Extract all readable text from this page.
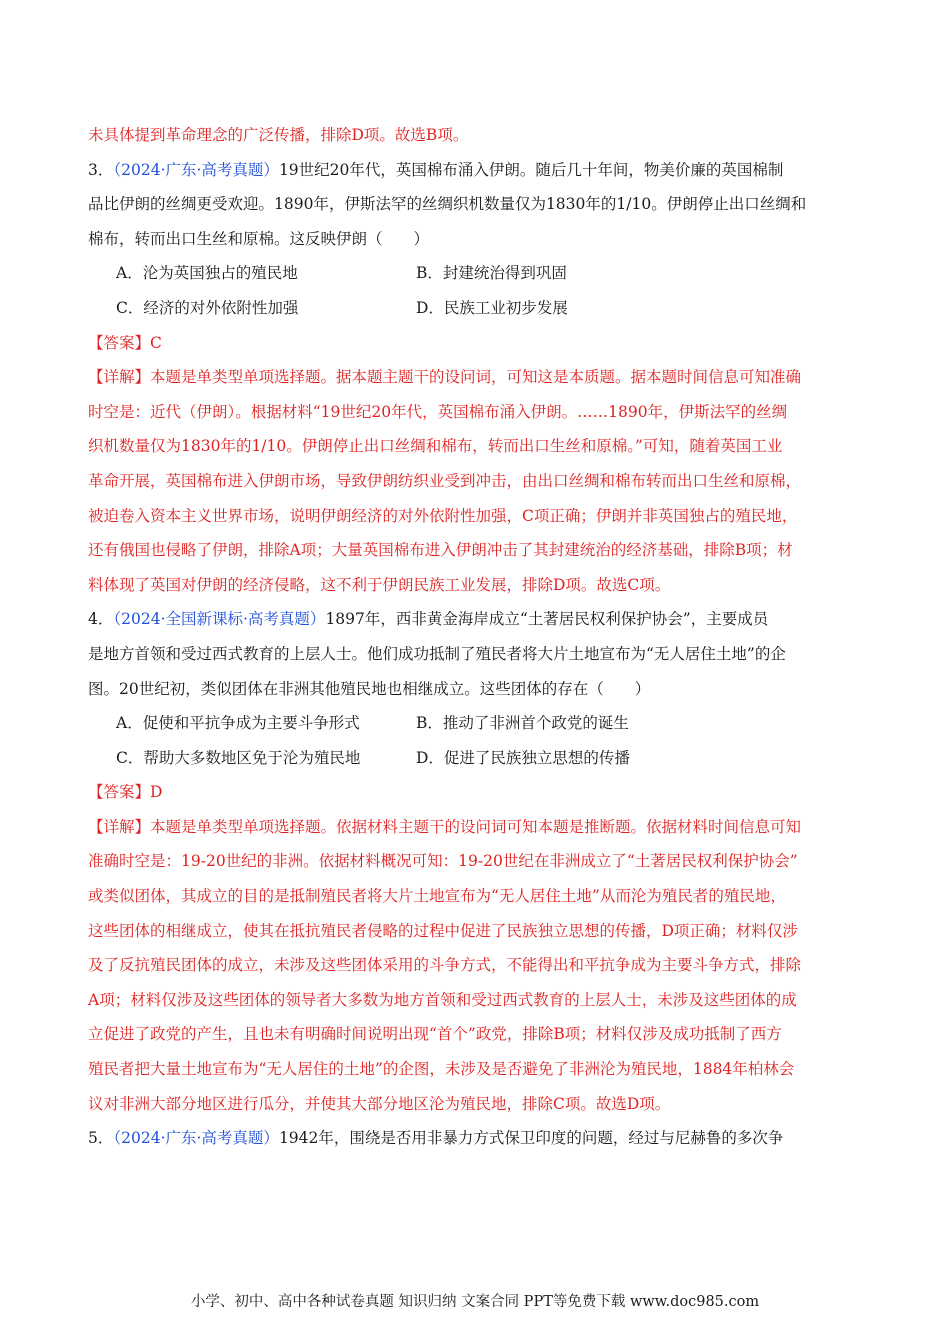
未具体提到革命理念的广泛传播，排除D项。故选B项。
3．（2024·广东·高考真题）19世纪20年代，英国棉布涌入伊朗。随后几十年间，物美价廉的英国棉制
品比伊朗的丝绸更受欢迎。1890年，伊斯法罕的丝绸织机数量仅为1830年的1/10。伊朗停止出口丝绸和
棉布，转而出口生丝和原棉。这反映伊朗（　　）
A．沦为英国独占的殖民地	B．封建统治得到巩固
C．经济的对外依附性加强	D．民族工业初步发展
【答案】C
【详解】本题是单类型单项选择题。据本题主题干的设问词，可知这是本质题。据本题时间信息可知准确
时空是：近代（伊朗）。根据材料“19世纪20年代，英国棉布涌入伊朗。……1890年，伊斯法罕的丝绸
织机数量仅为1830年的1/10。伊朗停止出口丝绸和棉布，转而出口生丝和原棉。”可知，随着英国工业
革命开展，英国棉布进入伊朗市场，导致伊朗纺织业受到冲击，由出口丝绸和棉布转而出口生丝和原棉，
被迫卷入资本主义世界市场，说明伊朗经济的对外依附性加强，C项正确；伊朗并非英国独占的殖民地，
还有俄国也侵略了伊朗，排除A项；大量英国棉布进入伊朗冲击了其封建统治的经济基础，排除B项；材
料体现了英国对伊朗的经济侵略，这不利于伊朗民族工业发展，排除D项。故选C项。
4．（2024·全国新课标·高考真题）1897年，西非黄金海岸成立“土著居民权利保护协会”，主要成员
是地方首领和受过西式教育的上层人士。他们成功抵制了殖民者将大片土地宣布为“无人居住土地”的企
图。20世纪初，类似团体在非洲其他殖民地也相继成立。这些团体的存在（　　）
A．促使和平抗争成为主要斗争形式	B．推动了非洲首个政党的诞生
C．帮助大多数地区免于沦为殖民地	D．促进了民族独立思想的传播
【答案】D
【详解】本题是单类型单项选择题。依据材料主题干的设问词可知本题是推断题。依据材料时间信息可知
准确时空是：19-20世纪的非洲。依据材料概况可知：19-20世纪在非洲成立了“土著居民权利保护协会”
或类似团体，其成立的目的是抵制殖民者将大片土地宣布为“无人居住土地”从而沦为殖民者的殖民地，
这些团体的相继成立，使其在抵抗殖民者侵略的过程中促进了民族独立思想的传播，D项正确；材料仅涉
及了反抗殖民团体的成立，未涉及这些团体采用的斗争方式，不能得出和平抗争成为主要斗争方式，排除
A项；材料仅涉及这些团体的领导者大多数为地方首领和受过西式教育的上层人士，未涉及这些团体的成
立促进了政党的产生，且也未有明确时间说明出现“首个”政党，排除B项；材料仅涉及成功抵制了西方
殖民者把大量土地宣布为“无人居住的土地”的企图，未涉及是否避免了非洲沦为殖民地，1884年柏林会
议对非洲大部分地区进行瓜分，并使其大部分地区沦为殖民地，排除C项。故选D项。
5．（2024·广东·高考真题）1942年，围绕是否用非暴力方式保卫印度的问题，经过与尼赫鲁的多次争
小学、初中、高中各种试卷真题 知识归纳 文案合同 PPT等免费下载 www.doc985.com
